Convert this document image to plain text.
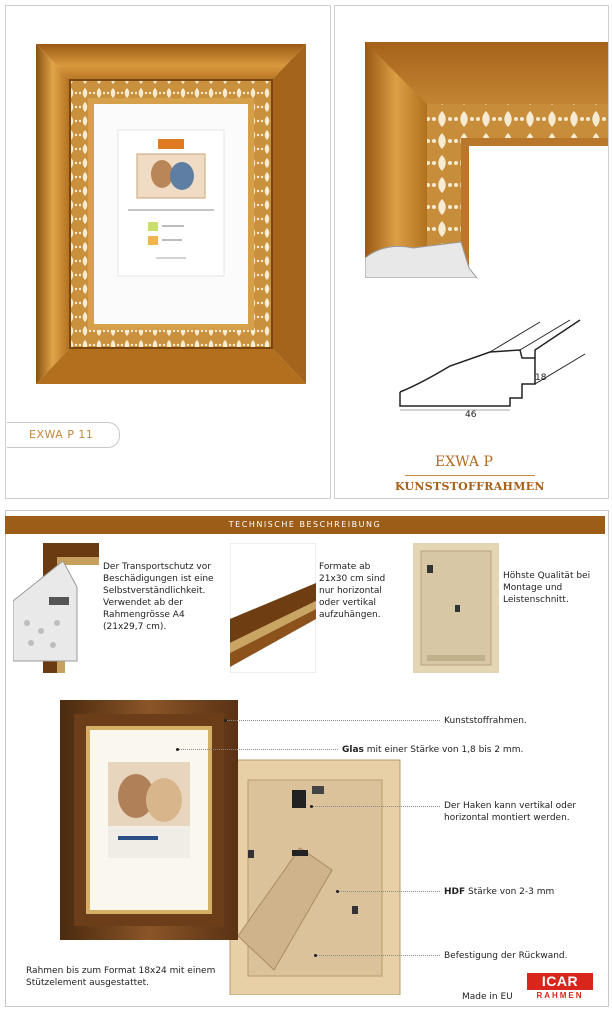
EXWA P 11
18
46
EXWA P
KUNSTSTOFFRAHMEN
TECHNISCHE BESCHREIBUNG
Der Transportschutz vor Beschädigungen ist eine Selbstverständlichkeit. Verwendet ab der Rahmengrösse A4 (21x29,7 cm).
Formate ab 21x30 cm sind nur horizontal oder vertikal aufzuhängen.
Höhste Qualität bei Montage und Leistenschnitt.
Kunststoffrahmen.
Glas mit einer Stärke von 1,8 bis 2 mm.
Der Haken kann vertikal oder horizontal montiert werden.
HDF Stärke von 2-3 mm
Befestigung der Rückwand.
Rahmen bis zum Format 18x24 mit einem Stützelement ausgestattet.
Made in EU
ICAR
RAHMEN
